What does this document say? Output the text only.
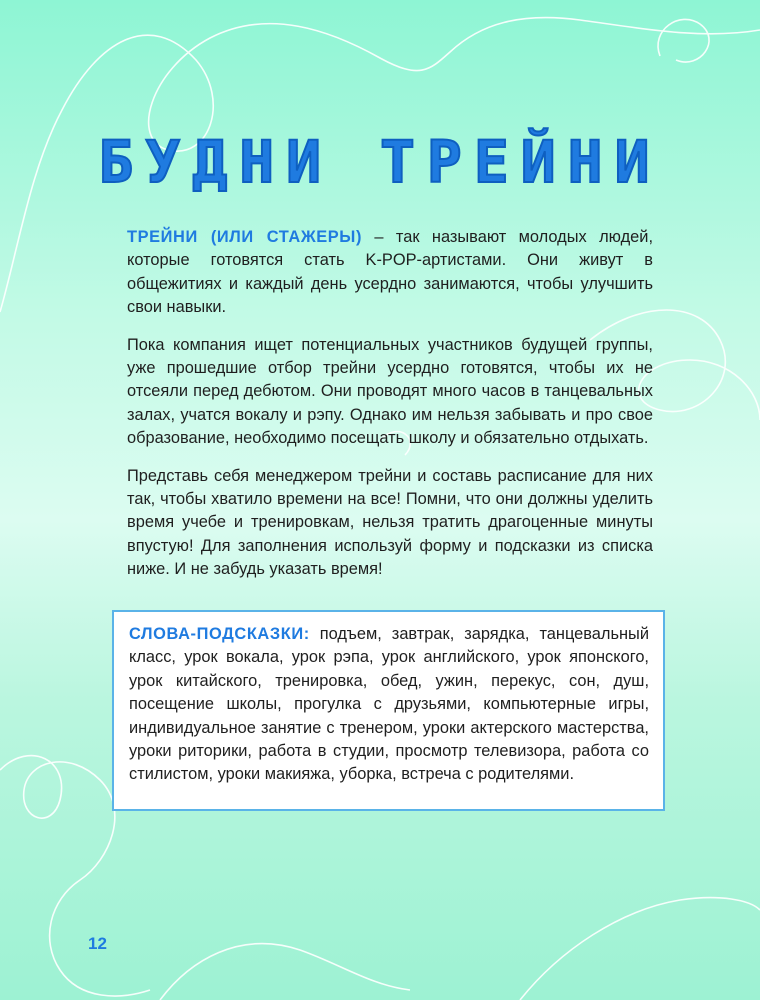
БУДНИ ТРЕЙНИ

ТРЕЙНИ (ИЛИ СТАЖЕРЫ) – так называют молодых людей, которые готовятся стать K-POP-артистами. Они живут в общежитиях и каждый день усердно занимаются, чтобы улучшить свои навыки.

Пока компания ищет потенциальных участников будущей группы, уже прошедшие отбор трейни усердно готовятся, чтобы их не отсеяли перед дебютом. Они проводят много часов в танцевальных залах, учатся вокалу и рэпу. Однако им нельзя забывать и про свое образование, необходимо посещать школу и обязательно отдыхать.

Представь себя менеджером трейни и составь расписание для них так, чтобы хватило времени на все! Помни, что они должны уделить время учебе и тренировкам, нельзя тратить драгоценные минуты впустую! Для заполнения используй форму и подсказки из списка ниже. И не забудь указать время!

СЛОВА-ПОДСКАЗКИ: подъем, завтрак, зарядка, танцевальный класс, урок вокала, урок рэпа, урок английского, урок японского, урок китайского, тренировка, обед, ужин, перекус, сон, душ, посещение школы, прогулка с друзьями, компьютерные игры, индивидуальное занятие с тренером, уроки актерского мастерства, уроки риторики, работа в студии, просмотр телевизора, работа со стилистом, уроки макияжа, уборка, встреча с родителями.

12
